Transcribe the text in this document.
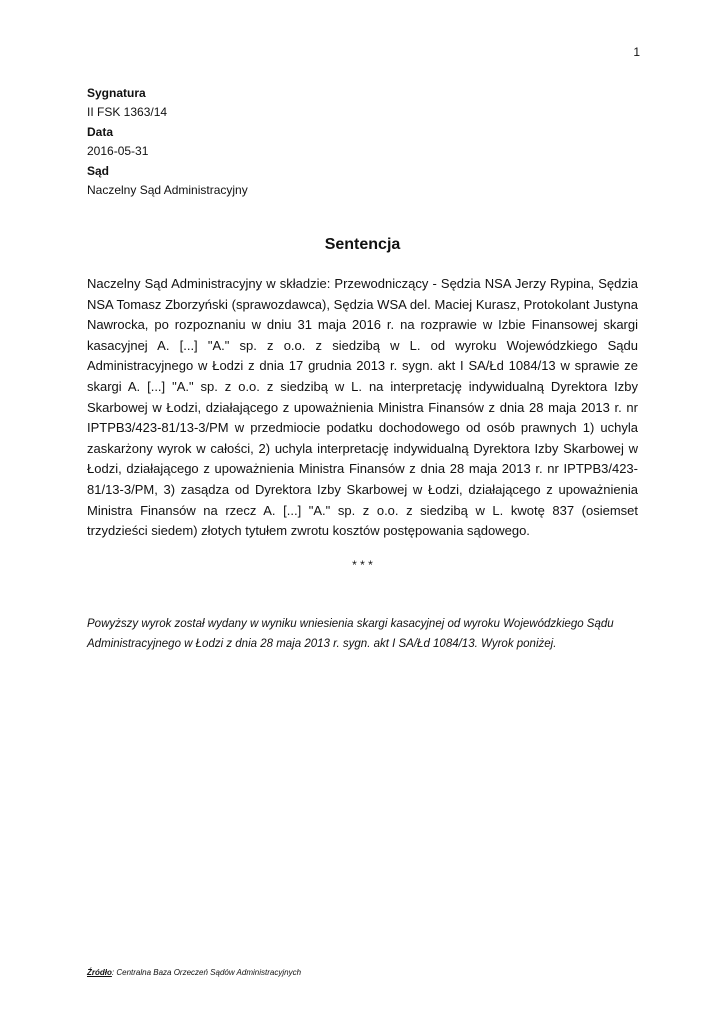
1
Sygnatura
II FSK 1363/14
Data
2016-05-31
Sąd
Naczelny Sąd Administracyjny
Sentencja
Naczelny Sąd Administracyjny w składzie: Przewodniczący - Sędzia NSA Jerzy Rypina, Sędzia NSA Tomasz Zborzyński (sprawozdawca), Sędzia WSA del. Maciej Kurasz, Protokolant Justyna Nawrocka, po rozpoznaniu w dniu 31 maja 2016 r. na rozprawie w Izbie Finansowej skargi kasacyjnej A. [...] "A." sp. z o.o. z siedzibą w L. od wyroku Wojewódzkiego Sądu Administracyjnego w Łodzi z dnia 17 grudnia 2013 r. sygn. akt I SA/Łd 1084/13 w sprawie ze skargi A. [...] "A." sp. z o.o. z siedzibą w L. na interpretację indywidualną Dyrektora Izby Skarbowej w Łodzi, działającego z upoważnienia Ministra Finansów z dnia 28 maja 2013 r. nr IPTPB3/423-81/13-3/PM w przedmiocie podatku dochodowego od osób prawnych 1) uchyla zaskarżony wyrok w całości, 2) uchyla interpretację indywidualną Dyrektora Izby Skarbowej w Łodzi, działającego z upoważnienia Ministra Finansów z dnia 28 maja 2013 r. nr IPTPB3/423-81/13-3/PM, 3) zasądza od Dyrektora Izby Skarbowej w Łodzi, działającego z upoważnienia Ministra Finansów na rzecz A. [...] "A." sp. z o.o. z siedzibą w L. kwotę 837 (osiemset trzydzieści siedem) złotych tytułem zwrotu kosztów postępowania sądowego.
* * *
Powyższy wyrok został wydany w wyniku wniesienia skargi kasacyjnej od wyroku Wojewódzkiego Sądu Administracyjnego w Łodzi z dnia 28 maja 2013 r. sygn. akt I SA/Łd 1084/13. Wyrok poniżej.
Źródło: Centralna Baza Orzeczeń Sądów Administracyjnych
